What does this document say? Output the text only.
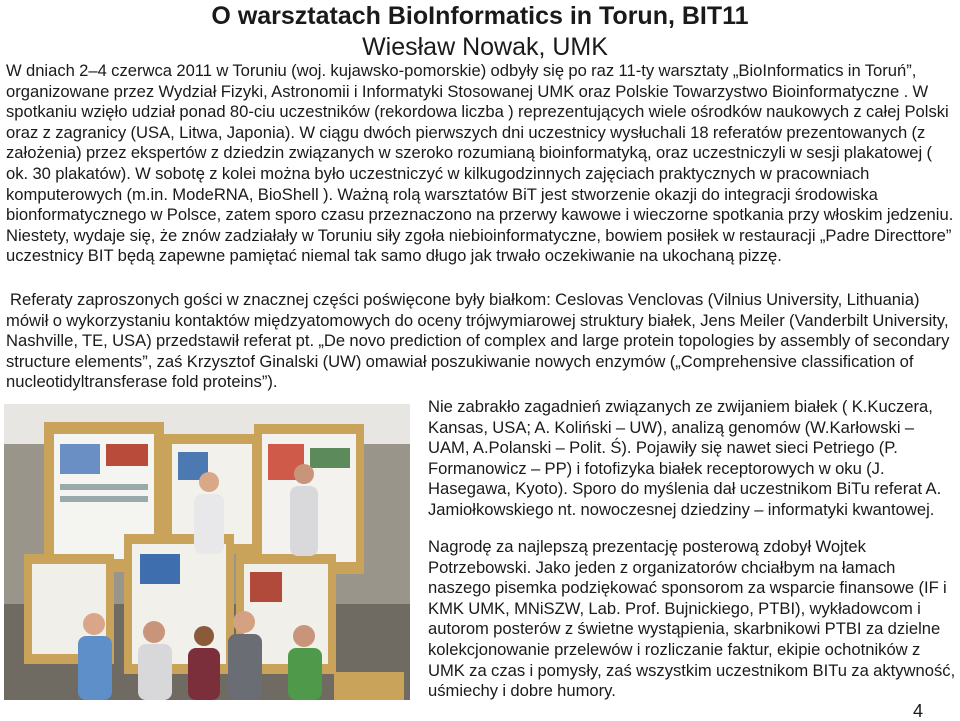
O warsztatach BioInformatics in Torun, BIT11
Wiesław Nowak, UMK

W dniach 2–4 czerwca 2011 w Toruniu (woj. kujawsko-pomorskie) odbyły się po raz 11-ty warsztaty „BioInformatics in Toruń”, organizowane przez Wydział Fizyki, Astronomii i Informatyki Stosowanej UMK oraz Polskie Towarzystwo Bioinformatyczne . W spotkaniu wzięło udział ponad 80-ciu uczestników (rekordowa liczba ) reprezentujących wiele ośrodków naukowych z całej Polski oraz z zagranicy (USA, Litwa, Japonia). W ciągu dwóch pierwszych dni uczestnicy wysłuchali 18 referatów prezentowanych (z założenia) przez ekspertów z dziedzin związanych w szeroko rozumianą bioinformatyką, oraz uczestniczyli w sesji plakatowej ( ok. 30 plakatów). W sobotę z kolei można było uczestniczyć w kilkugodzinnych zajęciach praktycznych w pracowniach komputerowych (m.in. ModeRNA, BioShell ). Ważną rolą warsztatów BiT jest stworzenie okazji do integracji środowiska bionformatycznego w Polsce, zatem sporo czasu przeznaczono na przerwy kawowe i wieczorne spotkania przy włoskim jedzeniu. Niestety, wydaje się, że znów zadziałały w Toruniu siły zgoła niebioinformatyczne, bowiem posiłek w restauracji „Padre Directtore” uczestnicy BIT będą zapewne pamiętać niemal tak samo długo jak trwało oczekiwanie na ukochaną pizzę.

Referaty zaproszonych gości w znacznej części poświęcone były białkom: Ceslovas Venclovas (Vilnius University, Lithuania) mówił o wykorzystaniu kontaktów międzyatomowych do oceny trójwymiarowej struktury białek, Jens Meiler (Vanderbilt University, Nashville, TE, USA) przedstawił referat pt. „De novo prediction of complex and large protein topologies by assembly of secondary structure elements”, zaś Krzysztof Ginalski (UW) omawiał poszukiwanie nowych enzymów („Comprehensive classification of nucleotidyltransferase fold proteins”).

Nie zabrakło zagadnień związanych ze zwijaniem białek ( K.Kuczera, Kansas, USA; A. Koliński – UW), analizą genomów (W.Karłowski – UAM, A.Polanski – Polit. Ś). Pojawiły się nawet sieci Petriego (P. Formanowicz – PP) i fotofizyka białek receptorowych w oku (J. Hasegawa, Kyoto). Sporo do myślenia dał uczestnikom BiTu referat A. Jamiołkowskiego nt. nowoczesnej dziedziny – informatyki kwantowej.

Nagrodę za najlepszą prezentację posterową zdobył Wojtek Potrzebowski. Jako jeden z organizatorów chciałbym na łamach naszego pisemka podziękować sponsorom za wsparcie finansowe (IF i KMK UMK, MNiSZW, Lab. Prof. Bujnickiego, PTBI), wykładowcom i autorom posterów z świetne wystąpienia, skarbnikowi PTBI za dzielne kolekcjonowanie przelewów i rozliczanie faktur, ekipie ochotników z UMK za czas i pomysły, zaś wszystkim uczestnikom BITu za aktywność, uśmiechy i dobre humory.

4
